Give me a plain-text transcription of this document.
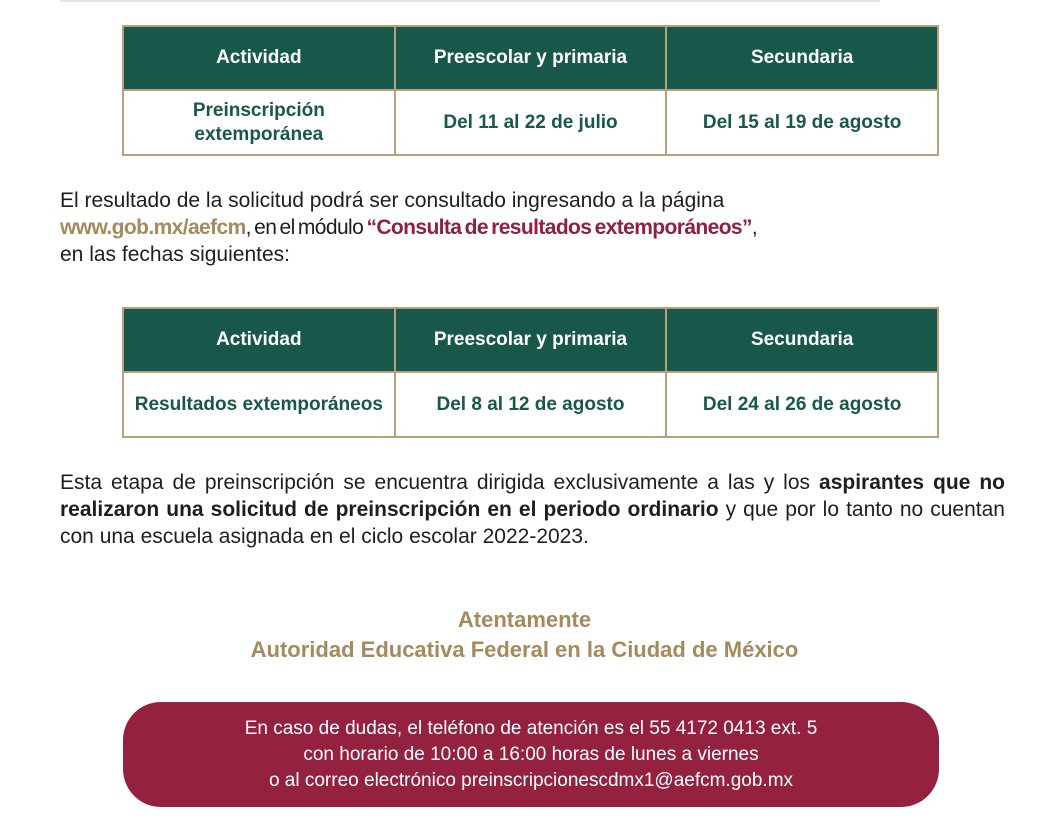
Actividad	Preescolar y primaria	Secundaria
Preinscripción extemporánea	Del 11 al 22 de julio	Del 15 al 19 de agosto
El resultado de la solicitud podrá ser consultado ingresando a la página
www.gob.mx/aefcm, en el módulo “Consulta de resultados extemporáneos”,
en las fechas siguientes:
Actividad	Preescolar y primaria	Secundaria
Resultados extemporáneos	Del 8 al 12 de agosto	Del 24 al 26 de agosto
Esta etapa de preinscripción se encuentra dirigida exclusivamente a las y los aspirantes que no realizaron una solicitud de preinscripción en el periodo ordinario y que por lo tanto no cuentan con una escuela asignada en el ciclo escolar 2022-2023.
Atentamente
Autoridad Educativa Federal en la Ciudad de México
En caso de dudas, el teléfono de atención es el 55 4172 0413 ext. 5
con horario de 10:00 a 16:00 horas de lunes a viernes
o al correo electrónico preinscripcionescdmx1@aefcm.gob.mx
